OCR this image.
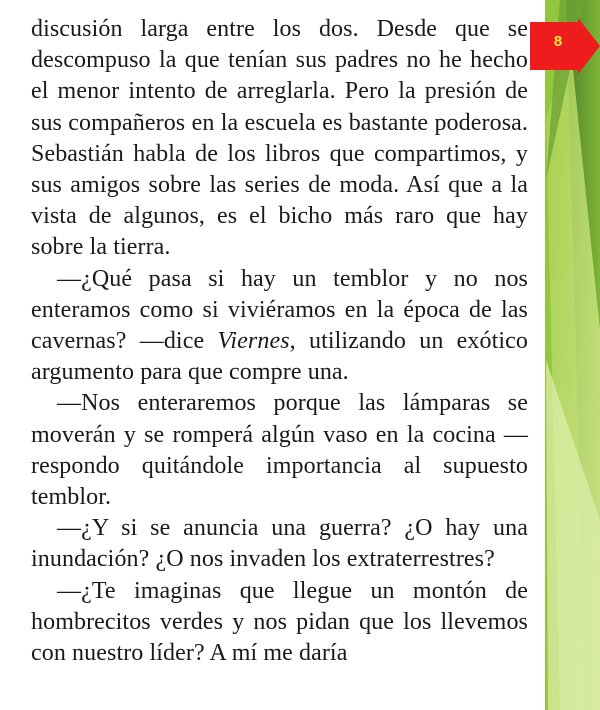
8

discusión larga entre los dos. Desde que se descompuso la que tenían sus padres no he hecho el menor intento de arreglarla. Pero la presión de sus compañeros en la escuela es bastante poderosa. Sebastián habla de los libros que compartimos, y sus amigos sobre las series de moda. Así que a la vista de algunos, es el bicho más raro que hay sobre la tierra.

—¿Qué pasa si hay un temblor y no nos enteramos como si viviéramos en la época de las cavernas? —dice Viernes, utilizando un exótico argumento para que compre una.

—Nos enteraremos porque las lámparas se moverán y se romperá algún vaso en la cocina —respondo quitándole importancia al supuesto temblor.

—¿Y si se anuncia una guerra? ¿O hay una inundación? ¿O nos invaden los extraterrestres?

—¿Te imaginas que llegue un montón de hombrecitos verdes y nos pidan que los llevemos con nuestro líder? A mí me daría
